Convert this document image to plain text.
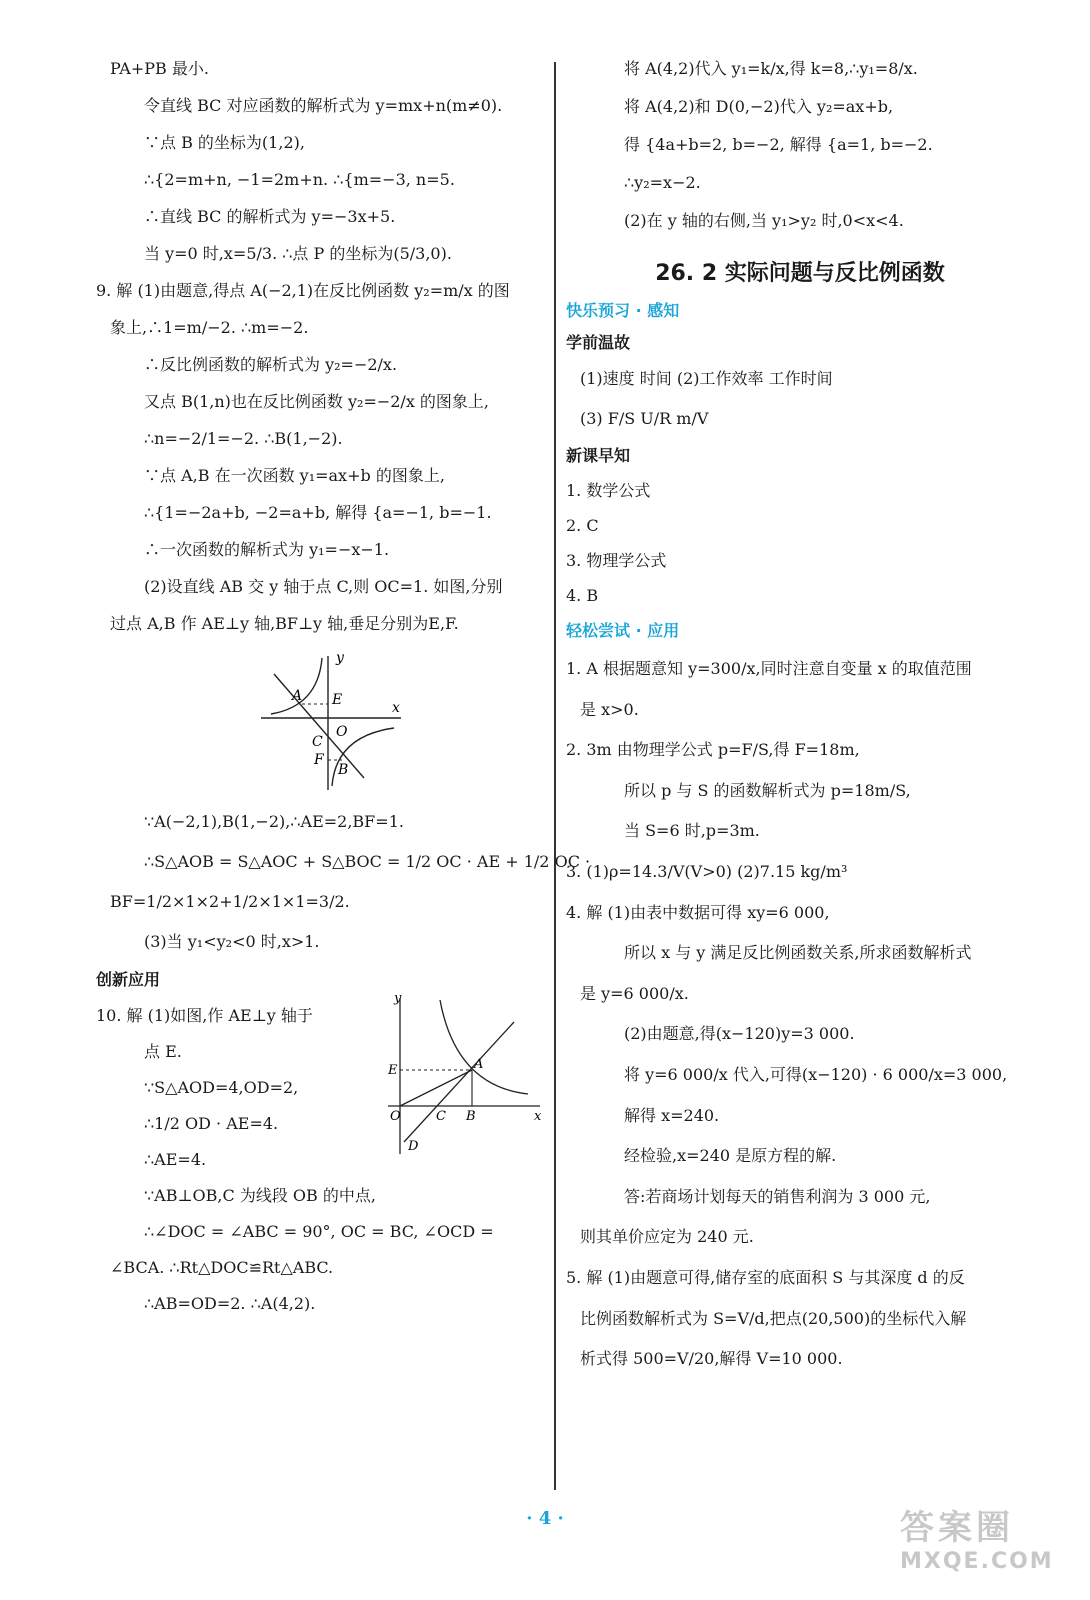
PA+PB 最小.

令直线 BC 对应函数的解析式为 y=mx+n(m≠0).

∵点 B 的坐标为(1,2),

∴{2=m+n, −1=2m+n. ∴{m=−3, n=5.

∴直线 BC 的解析式为 y=−3x+5.

当 y=0 时,x=5/3. ∴点 P 的坐标为(5/3,0).

9. 解 (1)由题意,得点 A(−2,1)在反比例函数 y₂=m/x 的图

象上,∴1=m/−2. ∴m=−2.

∴反比例函数的解析式为 y₂=−2/x.

又点 B(1,n)也在反比例函数 y₂=−2/x 的图象上,

∴n=−2/1=−2. ∴B(1,−2).

∵点 A,B 在一次函数 y₁=ax+b 的图象上,

∴{1=−2a+b, −2=a+b, 解得 {a=−1, b=−1.

∴一次函数的解析式为 y₁=−x−1.

(2)设直线 AB 交 y 轴于点 C,则 OC=1. 如图,分别

过点 A,B 作 AE⊥y 轴,BF⊥y 轴,垂足分别为E,F.

y
x
A E
O
C
F
B

∵A(−2,1),B(1,−2),∴AE=2,BF=1.

∴S△AOB = S△AOC + S△BOC = 1/2 OC · AE + 1/2 OC ·

BF=1/2×1×2+1/2×1×1=3/2.

(3)当 y₁<y₂<0 时,x>1.

创新应用

10. 解 (1)如图,作 AE⊥y 轴于

点 E.

∵S△AOD=4,OD=2,

∴1/2 OD · AE=4.

∴AE=4.

∵AB⊥OB,C 为线段 OB 的中点,

∴∠DOC = ∠ABC = 90°, OC = BC, ∠OCD =

∠BCA. ∴Rt△DOC≌Rt△ABC.

∴AB=OD=2. ∴A(4,2).

y
x
E	A
O	C B
D

将 A(4,2)代入 y₁=k/x,得 k=8,∴y₁=8/x.

将 A(4,2)和 D(0,−2)代入 y₂=ax+b,

得 {4a+b=2, b=−2, 解得 {a=1, b=−2.

∴y₂=x−2.

(2)在 y 轴的右侧,当 y₁>y₂ 时,0<x<4.

26. 2 实际问题与反比例函数

快乐预习 · 感知

学前温故

(1)速度 时间 (2)工作效率 工作时间

(3) F/S U/R m/V

新课早知

1. 数学公式

2. C

3. 物理学公式

4. B

轻松尝试 · 应用

1. A 根据题意知 y=300/x,同时注意自变量 x 的取值范围

是 x>0.

2. 3m 由物理学公式 p=F/S,得 F=18m,

所以 p 与 S 的函数解析式为 p=18m/S,

当 S=6 时,p=3m.

3. (1)ρ=14.3/V(V>0) (2)7.15 kg/m³

4. 解 (1)由表中数据可得 xy=6 000,

所以 x 与 y 满足反比例函数关系,所求函数解析式

是 y=6 000/x.

(2)由题意,得(x−120)y=3 000.

将 y=6 000/x 代入,可得(x−120) · 6 000/x=3 000,

解得 x=240.

经检验,x=240 是原方程的解.

答:若商场计划每天的销售利润为 3 000 元,

则其单价应定为 240 元.

5. 解 (1)由题意可得,储存室的底面积 S 与其深度 d 的反

比例函数解析式为 S=V/d,把点(20,500)的坐标代入解

析式得 500=V/20,解得 V=10 000.

· 4 ·	答案圈
MXQE.COM
